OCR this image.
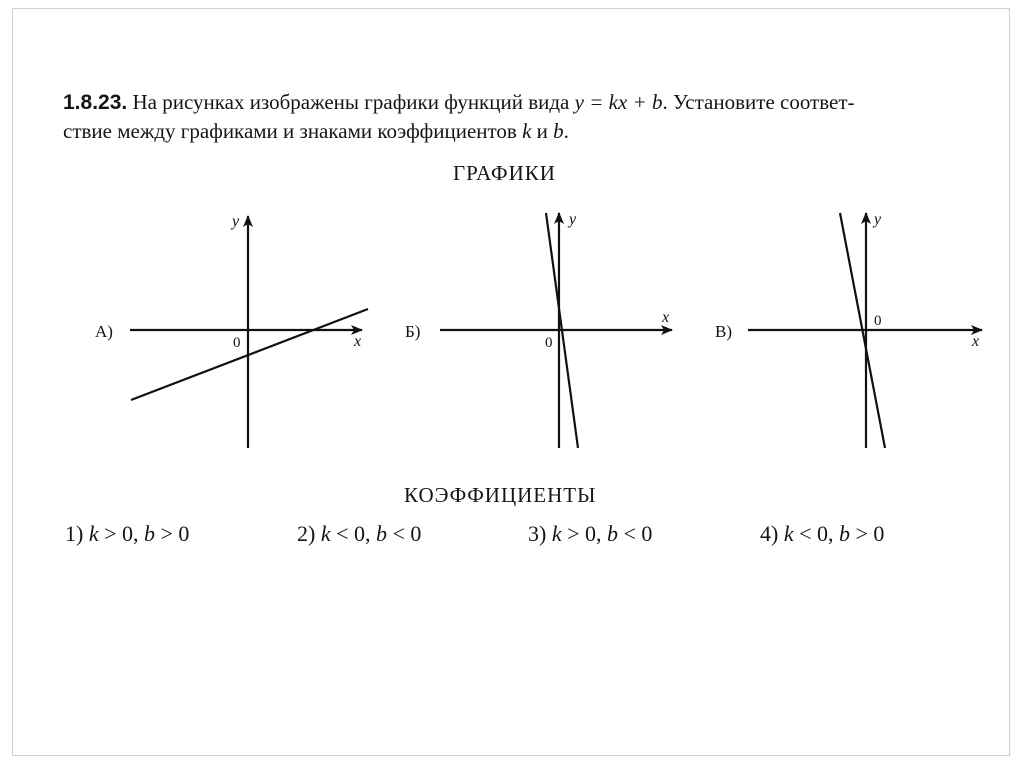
1.8.23. На рисунках изображены графики функций вида y = kx + b. Установите соответ-
ствие между графиками и знаками коэффициентов k и b.
ГРАФИКИ
А)
0	x
y
Б)
0
x
y
В)
0
x
y
КОЭФФИЦИЕНТЫ
1) k > 0, b > 0	2) k < 0, b < 0	3) k > 0, b < 0	4) k < 0, b > 0
